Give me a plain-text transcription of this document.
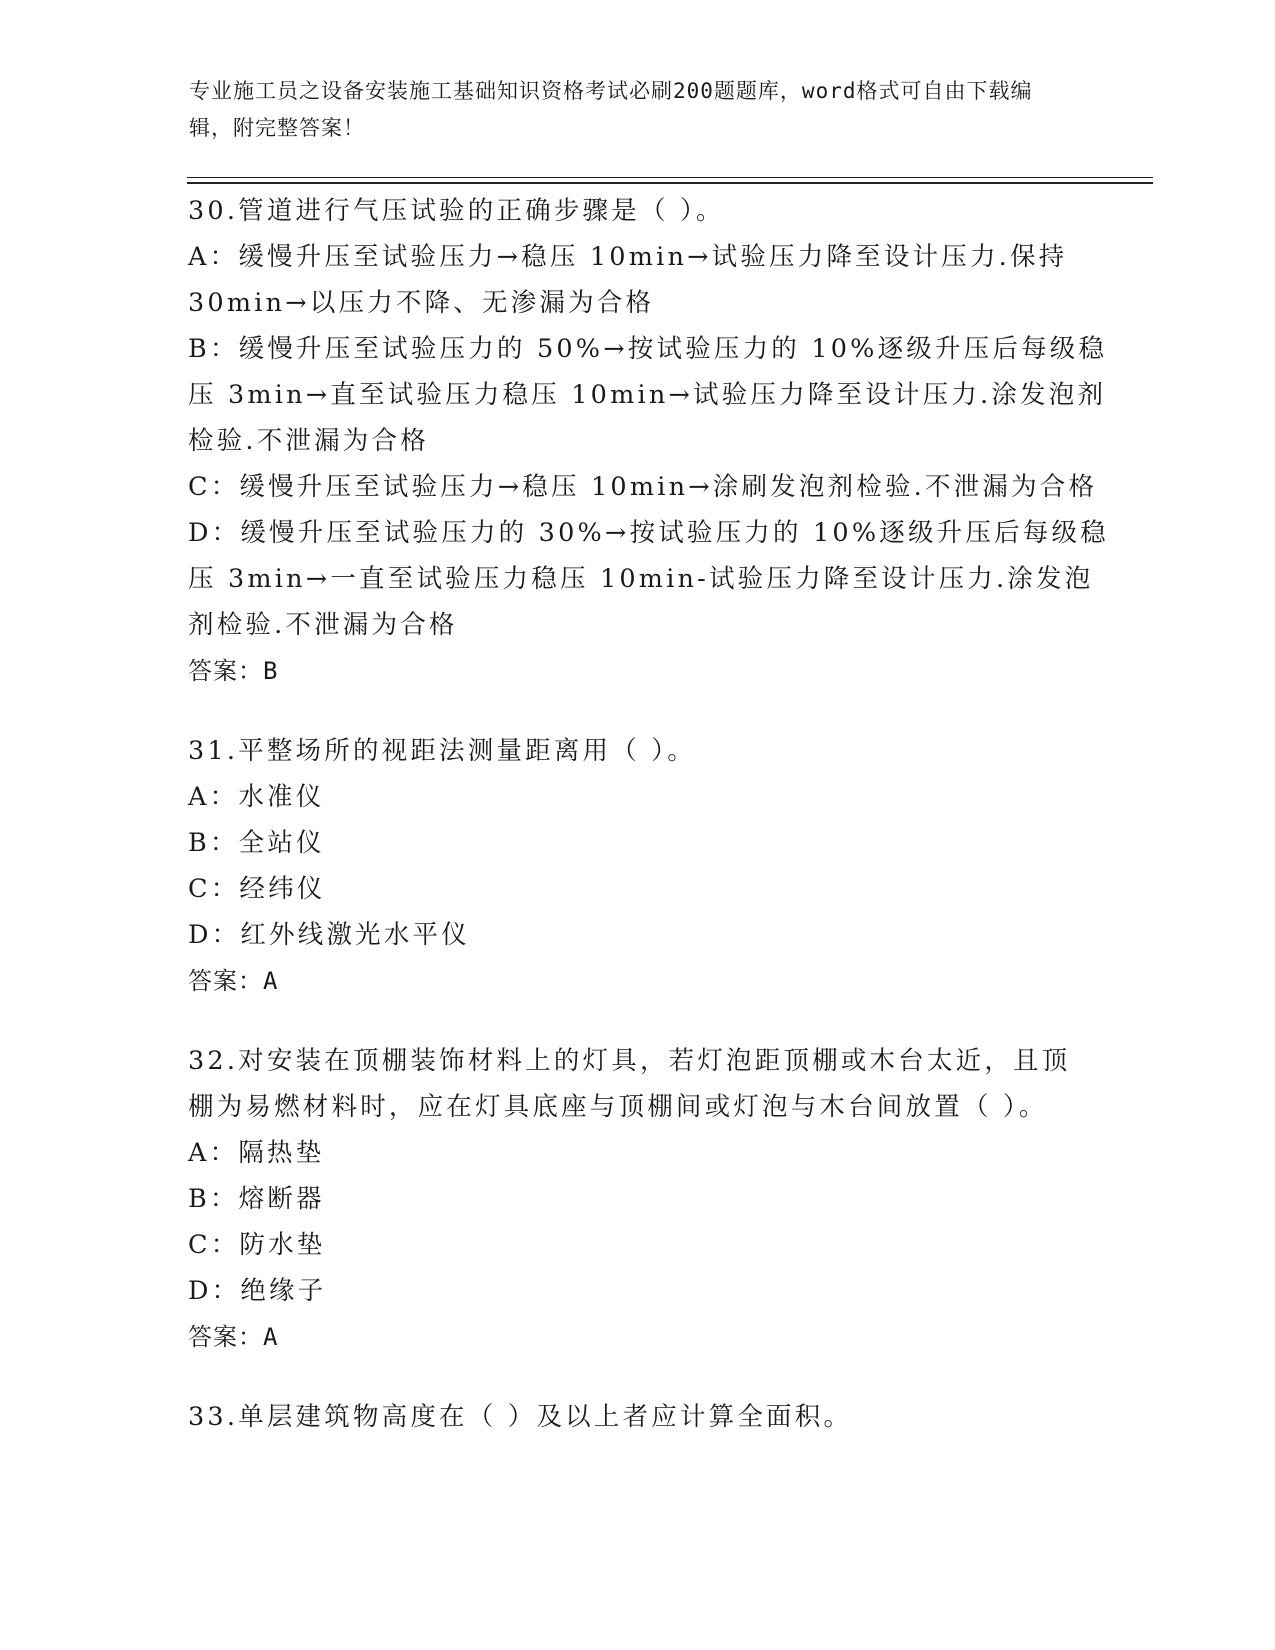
专业施工员之设备安装施工基础知识资格考试必刷200题题库，word格式可自由下载编辑，附完整答案！
30.管道进行气压试验的正确步骤是（ ）。
A：缓慢升压至试验压力→稳压 10min→试验压力降至设计压力.保持
30min→以压力不降、无渗漏为合格
B：缓慢升压至试验压力的 50%→按试验压力的 10%逐级升压后每级稳
压 3min→直至试验压力稳压 10min→试验压力降至设计压力.涂发泡剂
检验.不泄漏为合格
C：缓慢升压至试验压力→稳压 10min→涂刷发泡剂检验.不泄漏为合格
D：缓慢升压至试验压力的 30%→按试验压力的 10%逐级升压后每级稳
压 3min→一直至试验压力稳压 10min-试验压力降至设计压力.涂发泡
剂检验.不泄漏为合格
答案：B
31.平整场所的视距法测量距离用（ ）。
A：水准仪
B：全站仪
C：经纬仪
D：红外线激光水平仪
答案：A
32.对安装在顶棚装饰材料上的灯具，若灯泡距顶棚或木台太近，且顶
棚为易燃材料时，应在灯具底座与顶棚间或灯泡与木台间放置（ ）。
A：隔热垫
B：熔断器
C：防水垫
D：绝缘子
答案：A
33.单层建筑物高度在（ ）及以上者应计算全面积。
